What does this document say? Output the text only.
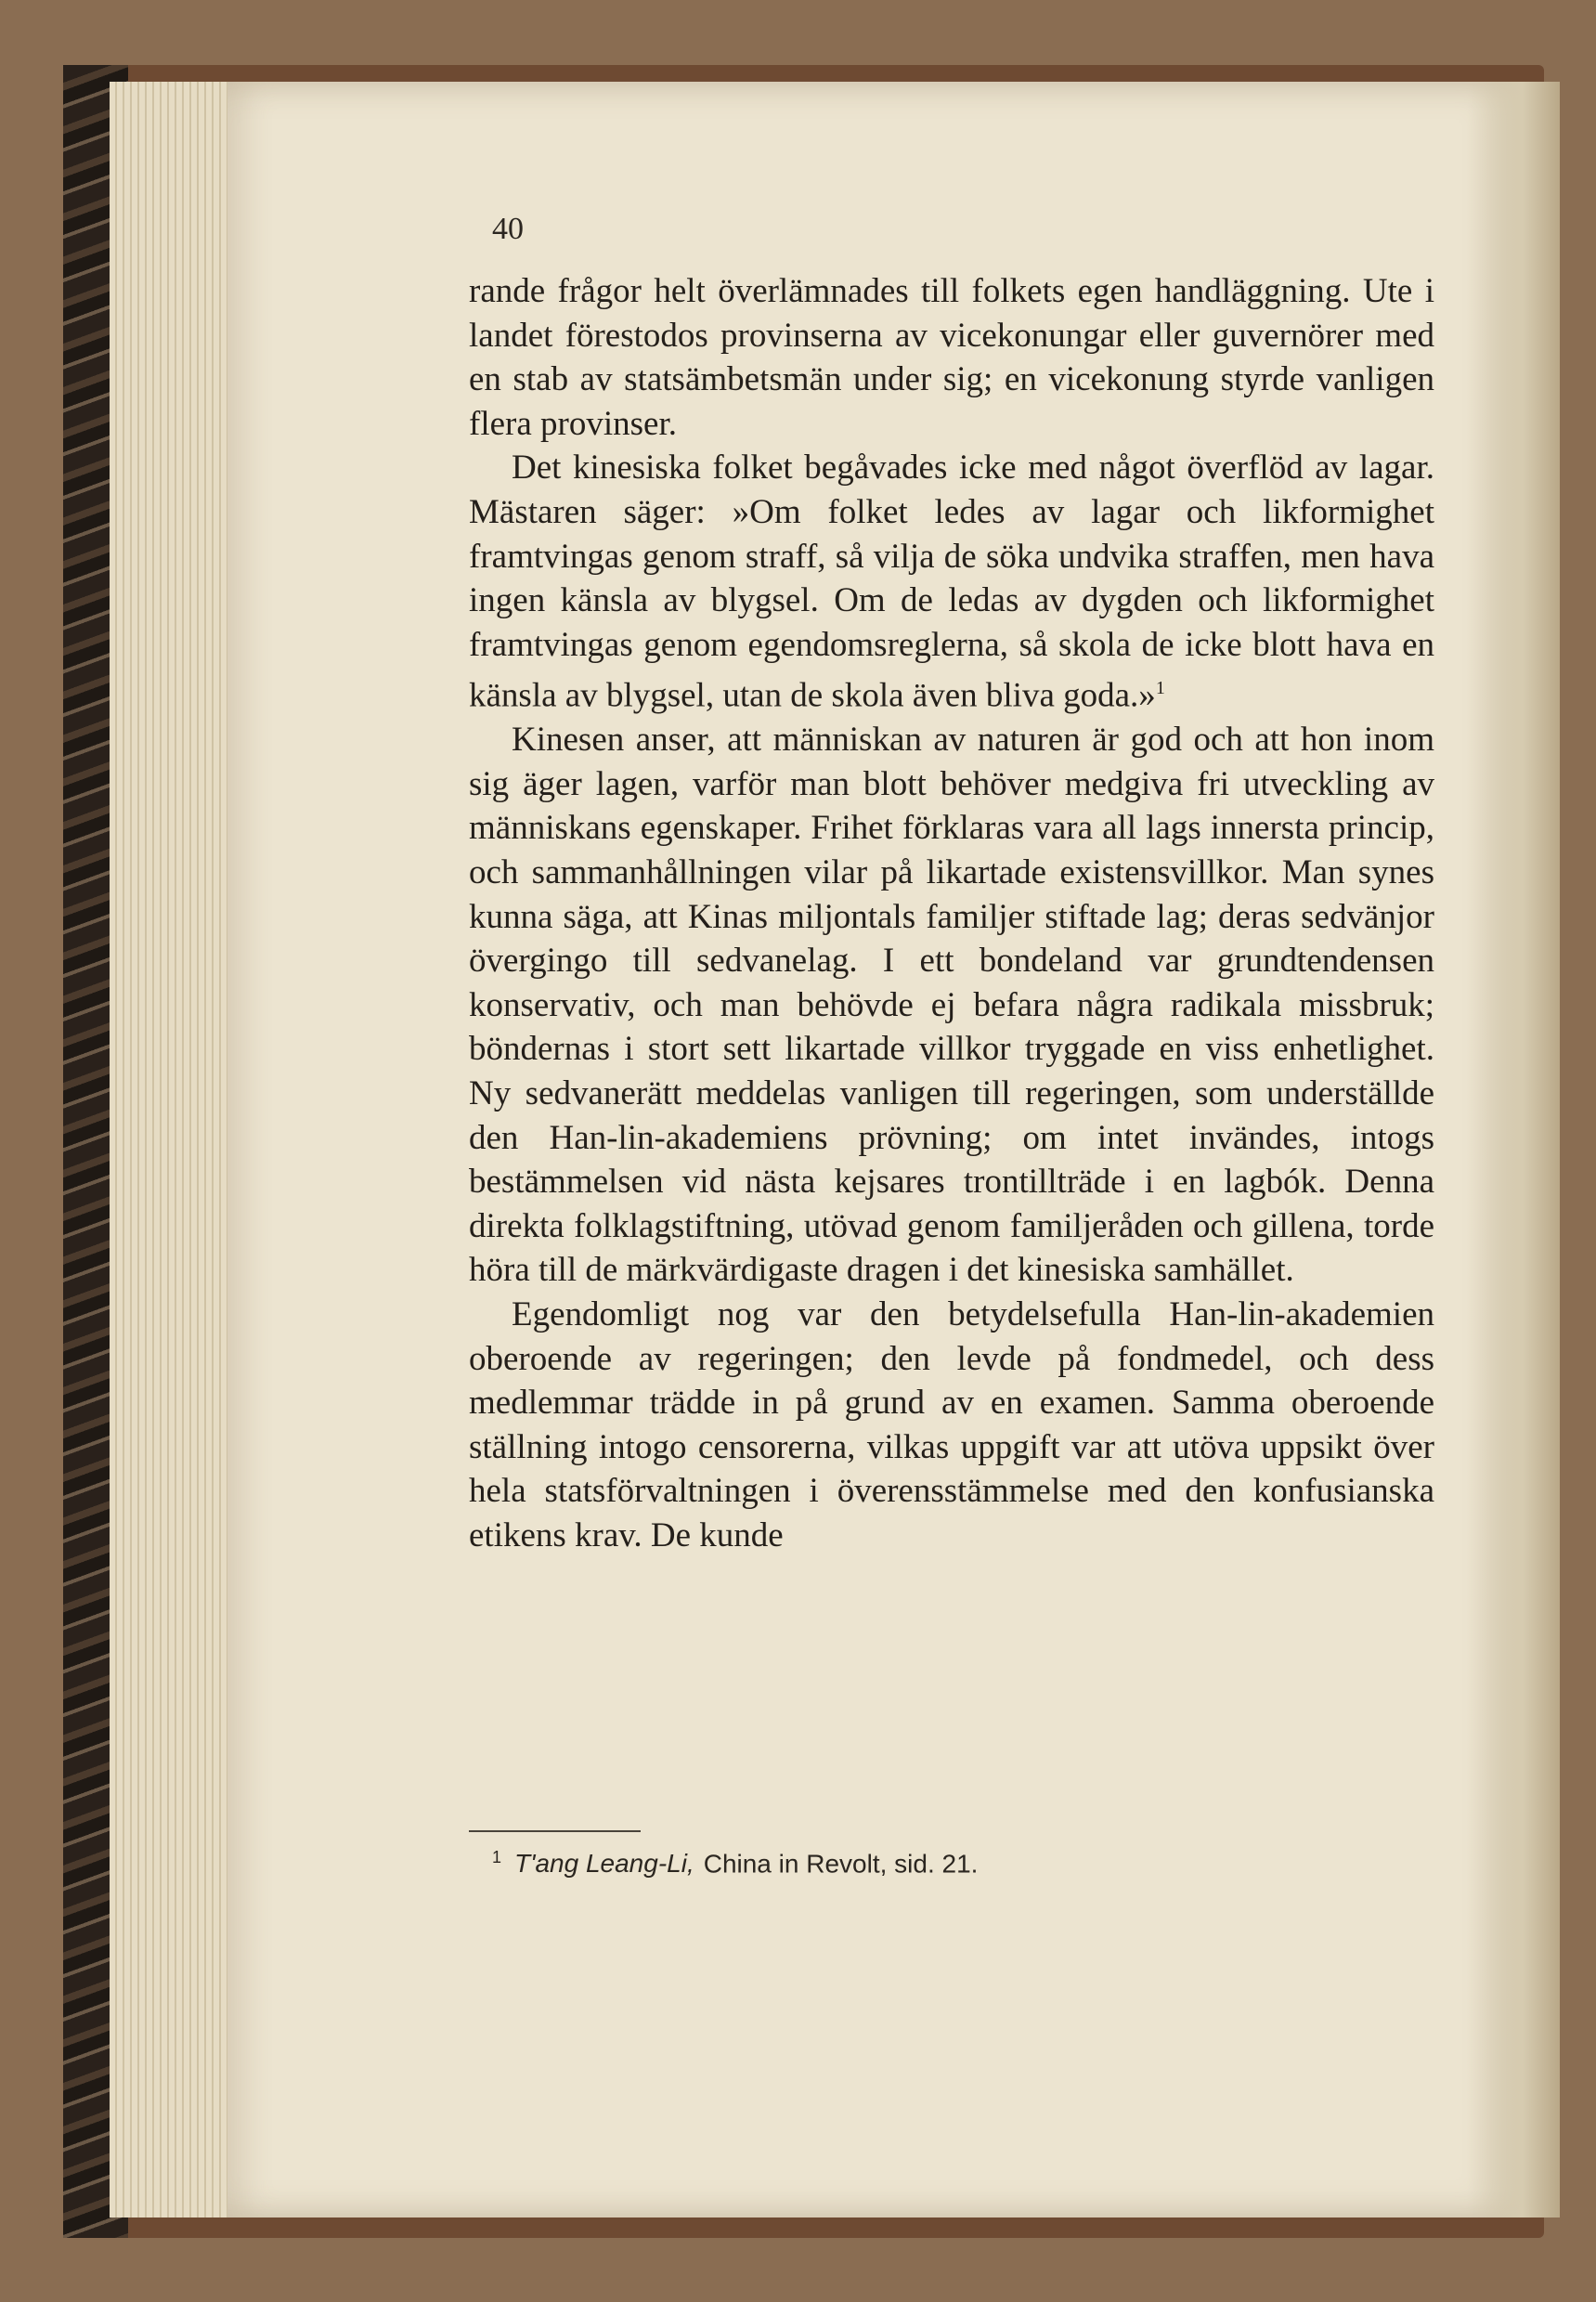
40

rande frågor helt överlämnades till folkets egen handläggning. Ute i landet förestodos provinserna av vicekonungar eller guvernörer med en stab av statsämbetsmän under sig; en vicekonung styrde vanligen flera provinser.

Det kinesiska folket begåvades icke med något överflöd av lagar. Mästaren säger: »Om folket ledes av lagar och likformighet framtvingas genom straff, så vilja de söka undvika straffen, men hava ingen känsla av blygsel. Om de ledas av dygden och likformighet framtvingas genom egendomsreglerna, så skola de icke blott hava en känsla av blygsel, utan de skola även bliva goda.»$^1$

Kinesen anser, att människan av naturen är god och att hon inom sig äger lagen, varför man blott behöver medgiva fri utveckling av människans egenskaper. Frihet förklaras vara all lags innersta princip, och sammanhållningen vilar på likartade existensvillkor. Man synes kunna säga, att Kinas miljontals familjer stiftade lag; deras sedvänjor övergingo till sedvanelag. I ett bondeland var grundtendensen konservativ, och man behövde ej befara några radikala missbruk; böndernas i stort sett likartade villkor tryggade en viss enhetlighet. Ny sedvanerätt meddelas vanligen till regeringen, som underställde den Han-lin-akademiens prövning; om intet invändes, intogs bestämmelsen vid nästa kejsares trontillträde i en lagbók. Denna direkta folklagstiftning, utövad genom familjeråden och gillena, torde höra till de märkvärdigaste dragen i det kinesiska samhället.

Egendomligt nog var den betydelsefulla Han-lin-akademien oberoende av regeringen; den levde på fondmedel, och dess medlemmar trädde in på grund av en examen. Samma oberoende ställning intogo censorerna, vilkas uppgift var att utöva uppsikt över hela statsförvaltningen i överensstämmelse med den konfusianska etikens krav. De kunde

$^1$ T'ang Leang-Li, China in Revolt, sid. 21.
